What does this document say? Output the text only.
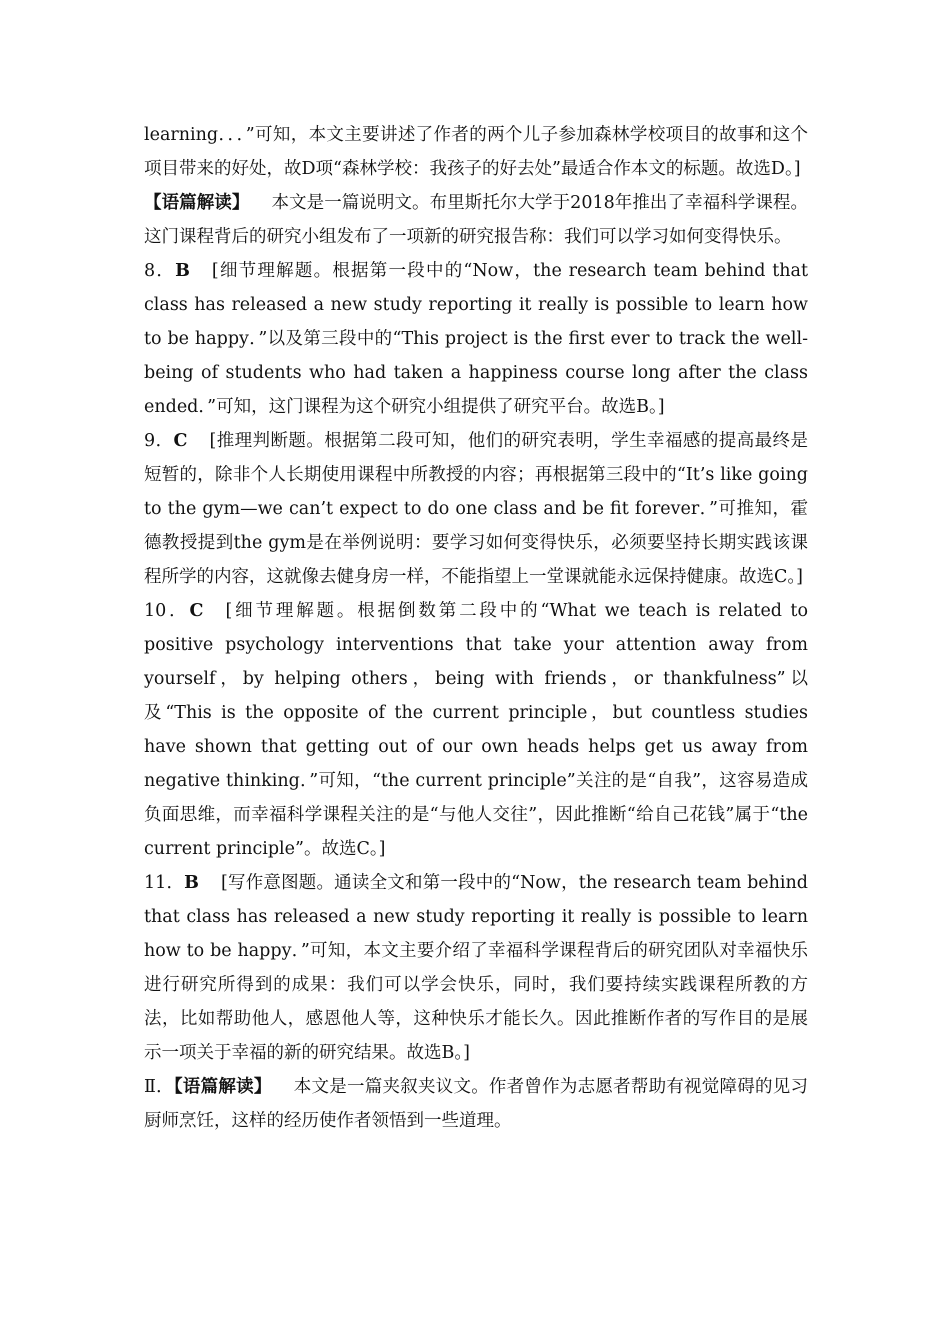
learning．．．”可知，本文主要讲述了作者的两个儿子参加森林学校项目的故事和这个项目带来的好处，故D项“森林学校：我孩子的好去处”最适合作本文的标题。故选D。]

【语篇解读】 本文是一篇说明文。布里斯托尔大学于2018年推出了幸福科学课程。这门课程背后的研究小组发布了一项新的研究报告称：我们可以学习如何变得快乐。

8．B [细节理解题。根据第一段中的“Now，the research team behind that class has released a new study reporting it really is possible to learn how to be happy．”以及第三段中的“This project is the first ever to track the well-being of students who had taken a happiness course long after the class ended．”可知，这门课程为这个研究小组提供了研究平台。故选B。]

9．C [推理判断题。根据第二段可知，他们的研究表明，学生幸福感的提高最终是短暂的，除非个人长期使用课程中所教授的内容；再根据第三段中的“It’s like going to the gym—we can’t expect to do one class and be fit forever．”可推知，霍德教授提到the gym是在举例说明：要学习如何变得快乐，必须要坚持长期实践该课程所学的内容，这就像去健身房一样，不能指望上一堂课就能永远保持健康。故选C。]

10．C [细节理解题。根据倒数第二段中的“What we teach is related to positive psychology interventions that take your attention away from yourself，by helping others，being with friends，or thankfulness”以及“This is the opposite of the current principle，but countless studies have shown that getting out of our own heads helps get us away from negative thinking．”可知，“the current principle”关注的是“自我”，这容易造成负面思维，而幸福科学课程关注的是“与他人交往”，因此推断“给自己花钱”属于“the current principle”。故选C。]

11．B [写作意图题。通读全文和第一段中的“Now，the research team behind that class has released a new study reporting it really is possible to learn how to be happy．”可知，本文主要介绍了幸福科学课程背后的研究团队对幸福快乐进行研究所得到的成果：我们可以学会快乐，同时，我们要持续实践课程所教的方法，比如帮助他人，感恩他人等，这种快乐才能长久。因此推断作者的写作目的是展示一项关于幸福的新的研究结果。故选B。]

Ⅱ．【语篇解读】 本文是一篇夹叙夹议文。作者曾作为志愿者帮助有视觉障碍的见习厨师烹饪，这样的经历使作者领悟到一些道理。
